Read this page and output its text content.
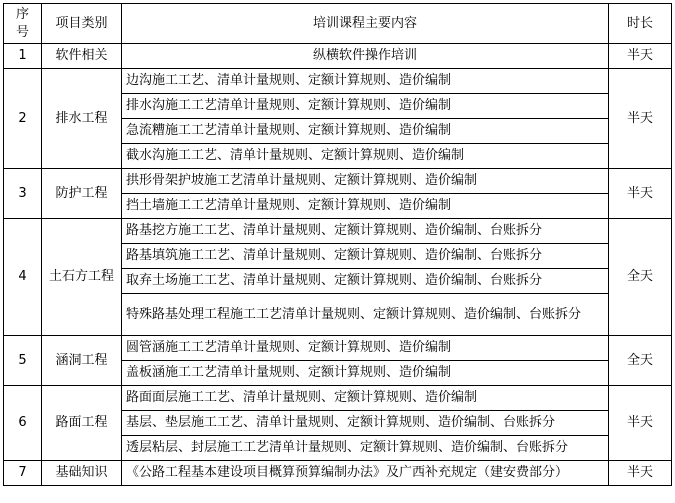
序
号	项目类别	培训课程主要内容	时长
1	软件相关	纵横软件操作培训	半天
2	排水工程	边沟施工工艺、清单计量规则、定额计算规则、造价编制	半天
		排水沟施工工艺清单计量规则、定额计算规则、造价编制	
		急流糟施工工艺清单计量规则、定额计算规则、造价编制	
		截水沟施工工艺、清单计量规则、定额计算规则、造价编制	
3	防护工程	拱形骨架护坡施工艺清单计量规则、定额计算规则、造价编制	半天
		挡土墙施工工艺清单计量规则、定额计算规则、造价编制	
4	土石方工程	路基挖方施工工艺、清单计量规则、定额计算规则、造价编制、台账拆分	全天
		路基填筑施工工艺、清单计量规则、定额计算规则、造价编制、台账拆分	
		取弃土场施工工艺、清单计量规则、定额计算规则、造价编制、台账拆分	
		特殊路基处理工程施工工艺清单计量规则、定额计算规则、造价编制、台账拆分	
5	涵洞工程	圆管涵施工工艺清单计量规则、定额计算规则、造价编制	全天
		盖板涵施工工艺清单计量规则、定额计算规则、造价编制	
6	路面工程	路面面层施工工艺、清单计量规则、定额计算规则、造价编制	半天
		基层、垫层施工工艺、清单计量规则、定额计算规则、造价编制、台账拆分	
		透层粘层、封层施工工艺清单计量规则、定额计算规则、造价编制、台账拆分	
7	基础知识	《公路工程基本建设项目概算预算编制办法》及广西补充规定（建安费部分）	半天
